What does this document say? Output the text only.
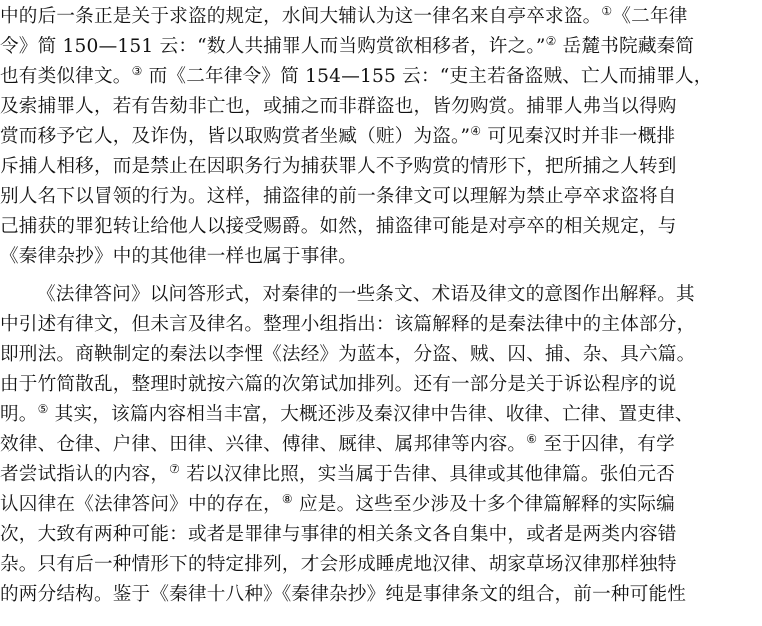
中的后一条正是关于求盗的规定，水间大辅认为这一律名来自亭卒求盗。①《二年律
令》简 150—151 云：“数人共捕罪人而当购赏欲相移者，许之。”② 岳麓书院藏秦简
也有类似律文。③ 而《二年律令》简 154—155 云：“吏主若备盗贼、亡人而捕罪人，
及索捕罪人，若有告劾非亡也，或捕之而非群盗也，皆勿购赏。捕罪人弗当以得购
赏而移予它人，及诈伪，皆以取购赏者坐臧（赃）为盗。”④ 可见秦汉时并非一概排
斥捕人相移，而是禁止在因职务行为捕获罪人不予购赏的情形下，把所捕之人转到
别人名下以冒领的行为。这样，捕盗律的前一条律文可以理解为禁止亭卒求盗将自
己捕获的罪犯转让给他人以接受赐爵。如然，捕盗律可能是对亭卒的相关规定，与
《秦律杂抄》中的其他律一样也属于事律。
《法律答问》以问答形式，对秦律的一些条文、术语及律文的意图作出解释。其
中引述有律文，但未言及律名。整理小组指出：该篇解释的是秦法律中的主体部分，
即刑法。商鞅制定的秦法以李悝《法经》为蓝本，分盗、贼、囚、捕、杂、具六篇。
由于竹简散乱，整理时就按六篇的次第试加排列。还有一部分是关于诉讼程序的说
明。⑤ 其实，该篇内容相当丰富，大概还涉及秦汉律中告律、收律、亡律、置吏律、
效律、仓律、户律、田律、兴律、傅律、厩律、属邦律等内容。⑥ 至于囚律，有学
者尝试指认的内容，⑦ 若以汉律比照，实当属于告律、具律或其他律篇。张伯元否
认囚律在《法律答问》中的存在，⑧ 应是。这些至少涉及十多个律篇解释的实际编
次，大致有两种可能：或者是罪律与事律的相关条文各自集中，或者是两类内容错
杂。只有后一种情形下的特定排列，才会形成睡虎地汉律、胡家草场汉律那样独特
的两分结构。鉴于《秦律十八种》《秦律杂抄》纯是事律条文的组合，前一种可能性
